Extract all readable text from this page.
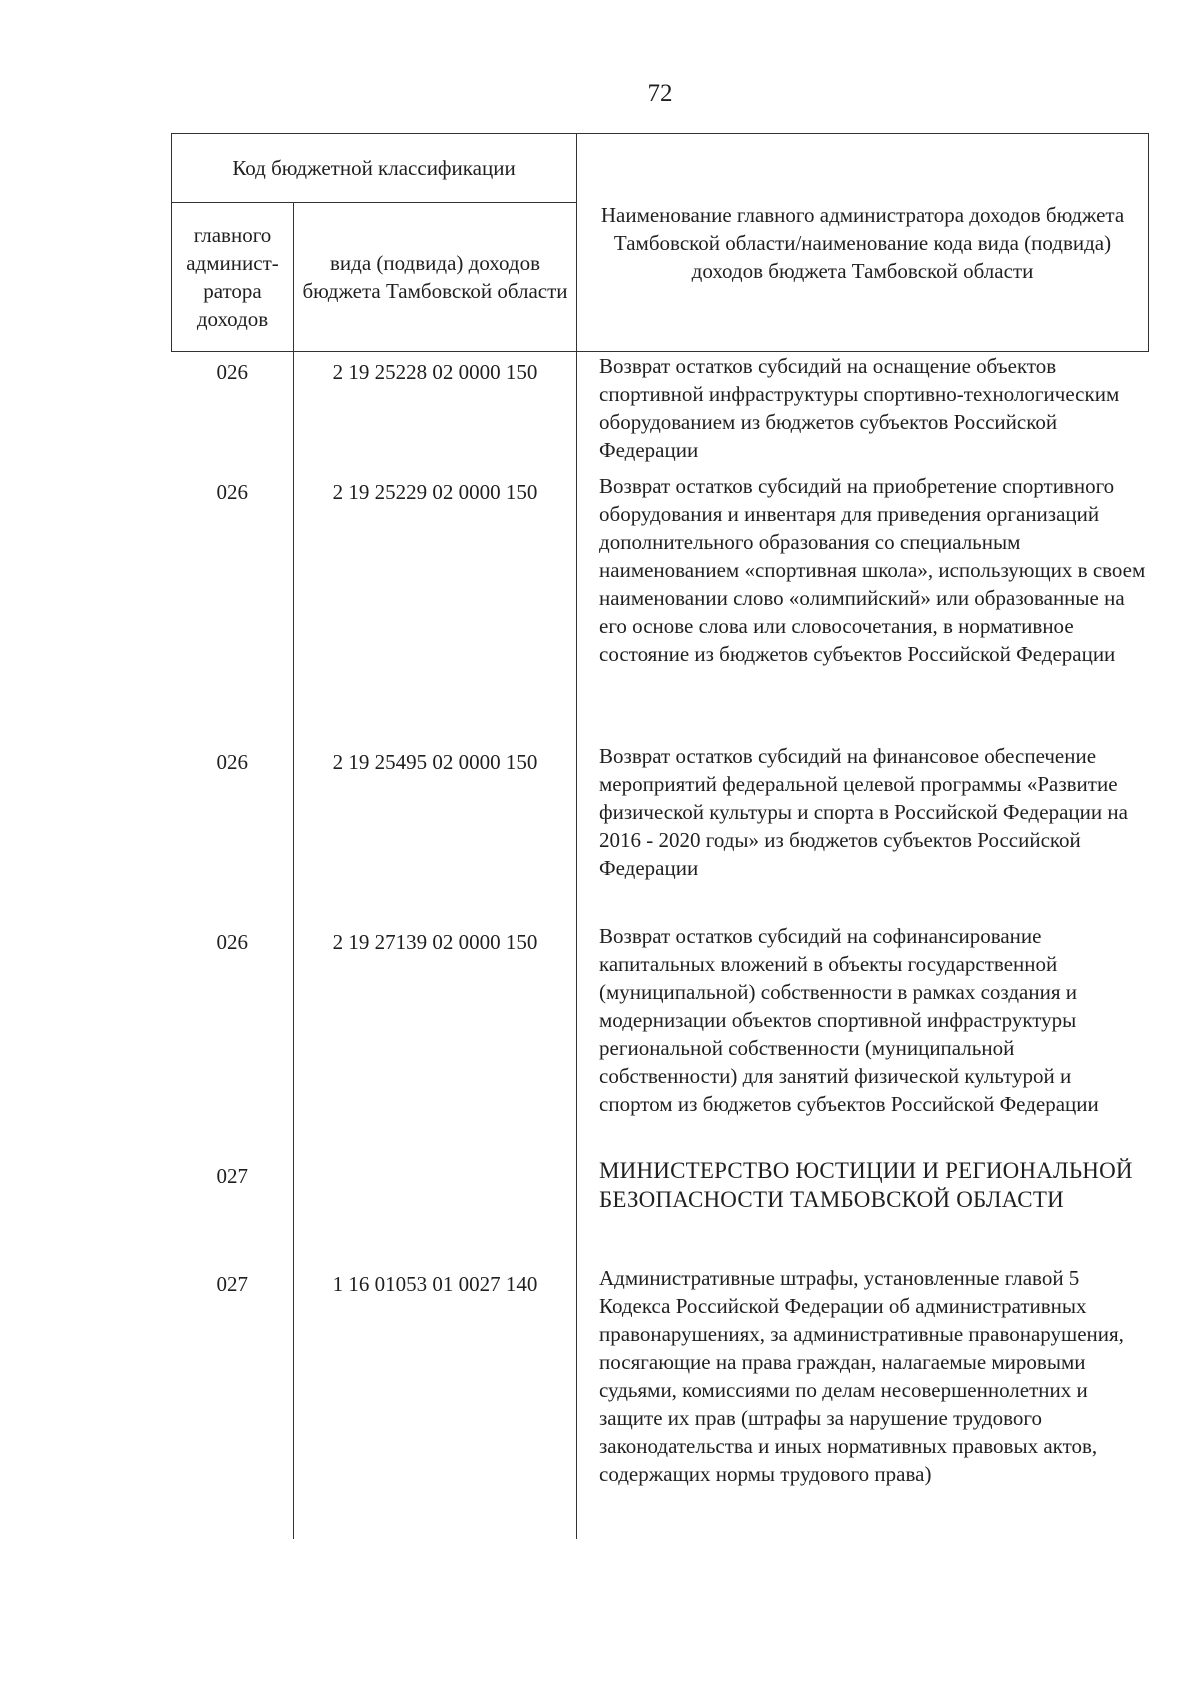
72
Код бюджетной классификации		Наименование главного администратора доходов бюджета Тамбовской области/наименование кода вида (подвида) доходов бюджета Тамбовской области
главного админист-ратора доходов	вида (подвида) доходов бюджета Тамбовской области	
026	2 19 25228 02 0000 150	Возврат остатков субсидий на оснащение объектов спортивной инфраструктуры спортивно-технологическим оборудованием из бюджетов субъектов Российской Федерации
026	2 19 25229 02 0000 150	Возврат остатков субсидий на приобретение спортивного оборудования и инвентаря для приведения организаций дополнительного образования со специальным наименованием «спортивная школа», использующих в своем наименовании слово «олимпийский» или образованные на его основе слова или словосочетания, в нормативное состояние из бюджетов субъектов Российской Федерации
026	2 19 25495 02 0000 150	Возврат остатков субсидий на финансовое обеспечение мероприятий федеральной целевой программы «Развитие физической культуры и спорта в Российской Федерации на 2016 - 2020 годы» из бюджетов субъектов Российской Федерации
026	2 19 27139 02 0000 150	Возврат остатков субсидий на софинансирование капитальных вложений в объекты государственной (муниципальной) собственности в рамках создания и модернизации объектов спортивной инфраструктуры региональной собственности (муниципальной собственности) для занятий физической культурой и спортом из бюджетов субъектов Российской Федерации
027		МИНИСТЕРСТВО ЮСТИЦИИ И РЕГИОНАЛЬНОЙ БЕЗОПАСНОСТИ ТАМБОВСКОЙ ОБЛАСТИ
027	1 16 01053 01 0027 140	Административные штрафы, установленные главой 5 Кодекса Российской Федерации об административных правонарушениях, за административные правонарушения, посягающие на права граждан, налагаемые мировыми судьями, комиссиями по делам несовершеннолетних и защите их прав (штрафы за нарушение трудового законодательства и иных нормативных правовых актов, содержащих нормы трудового права)
